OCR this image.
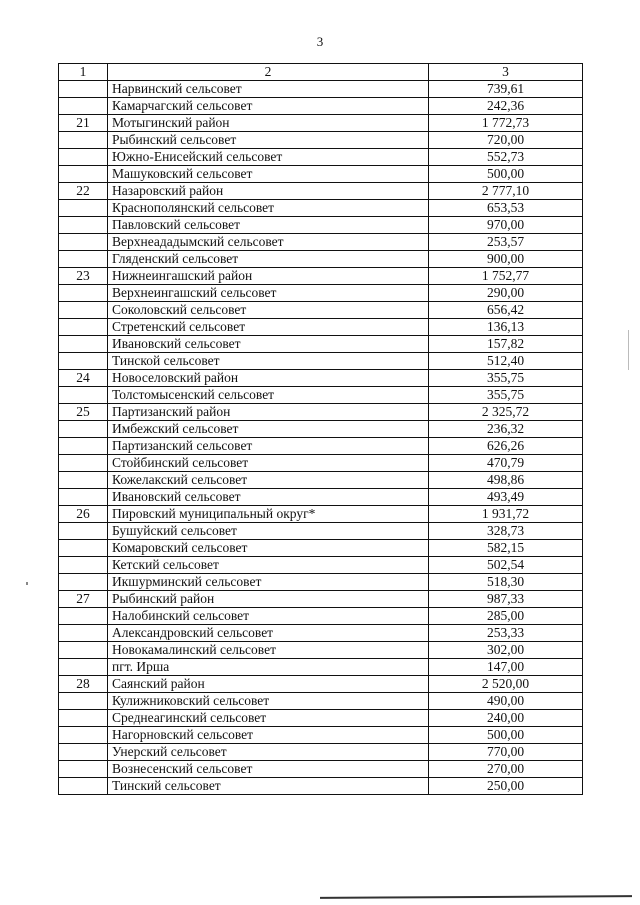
3
1	2	3
	Нарвинский сельсовет	739,61
	Камарчагский сельсовет	242,36
21	Мотыгинский район	1 772,73
	Рыбинский сельсовет	720,00
	Южно-Енисейский сельсовет	552,73
	Машуковский сельсовет	500,00
22	Назаровский район	2 777,10
	Краснополянский сельсовет	653,53
	Павловский сельсовет	970,00
	Верхнеададымский сельсовет	253,57
	Гляденский сельсовет	900,00
23	Нижнеингашский район	1 752,77
	Верхнеингашский сельсовет	290,00
	Соколовский сельсовет	656,42
	Стретенский сельсовет	136,13
	Ивановский сельсовет	157,82
	Тинской сельсовет	512,40
24	Новоселовский район	355,75
	Толстомысенский сельсовет	355,75
25	Партизанский район	2 325,72
	Имбежский сельсовет	236,32
	Партизанский сельсовет	626,26
	Стойбинский сельсовет	470,79
	Кожелакский сельсовет	498,86
	Ивановский сельсовет	493,49
26	Пировский муниципальный округ*	1 931,72
	Бушуйский сельсовет	328,73
	Комаровский сельсовет	582,15
	Кетский сельсовет	502,54
	Икшурминский сельсовет	518,30
27	Рыбинский район	987,33
	Налобинский сельсовет	285,00
	Александровский сельсовет	253,33
	Новокамалинский сельсовет	302,00
	пгт. Ирша	147,00
28	Саянский район	2 520,00
	Кулижниковский сельсовет	490,00
	Среднеагинский сельсовет	240,00
	Нагорновский сельсовет	500,00
	Унерский сельсовет	770,00
	Вознесенский сельсовет	270,00
	Тинский сельсовет	250,00
